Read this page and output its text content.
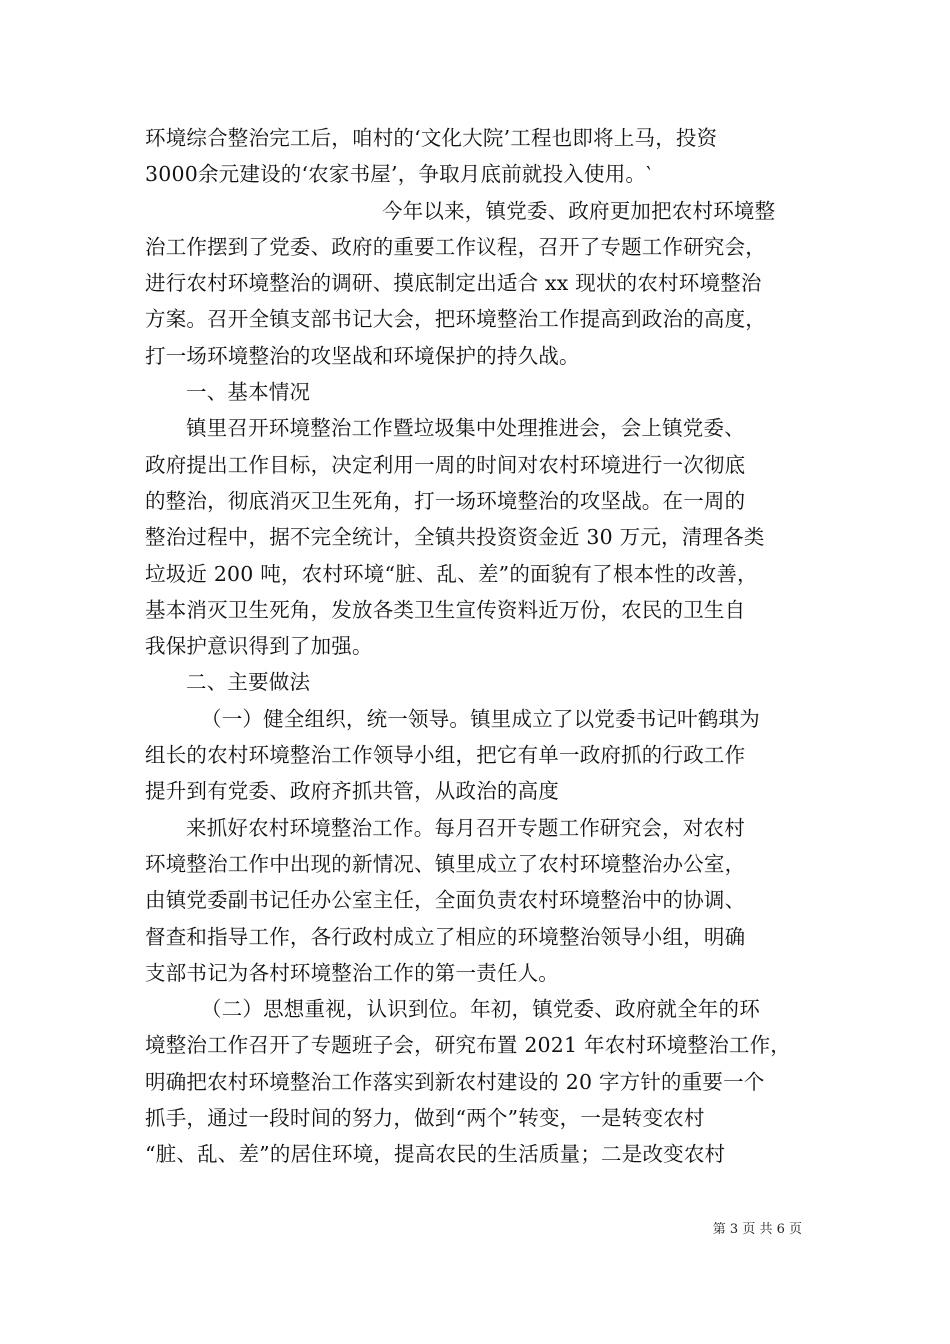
环境综合整治完工后，咱村的‘文化大院’工程也即将上马，投资
3000余元建设的‘农家书屋’，争取月底前就投入使用。‵
今年以来，镇党委、政府更加把农村环境整
治工作摆到了党委、政府的重要工作议程，召开了专题工作研究会，
进行农村环境整治的调研、摸底制定出适合 xx 现状的农村环境整治
方案。召开全镇支部书记大会，把环境整治工作提高到政治的高度，
打一场环境整治的攻坚战和环境保护的持久战。
一、基本情况
镇里召开环境整治工作暨垃圾集中处理推进会，会上镇党委、
政府提出工作目标，决定利用一周的时间对农村环境进行一次彻底
的整治，彻底消灭卫生死角，打一场环境整治的攻坚战。在一周的
整治过程中，据不完全统计，全镇共投资资金近 30 万元，清理各类
垃圾近 200 吨，农村环境“脏、乱、差”的面貌有了根本性的改善，
基本消灭卫生死角，发放各类卫生宣传资料近万份，农民的卫生自
我保护意识得到了加强。
二、主要做法
（一）健全组织，统一领导。镇里成立了以党委书记叶鹤琪为
组长的农村环境整治工作领导小组，把它有单一政府抓的行政工作
提升到有党委、政府齐抓共管，从政治的高度
来抓好农村环境整治工作。每月召开专题工作研究会，对农村
环境整治工作中出现的新情况、镇里成立了农村环境整治办公室，
由镇党委副书记任办公室主任，全面负责农村环境整治中的协调、
督查和指导工作，各行政村成立了相应的环境整治领导小组，明确
支部书记为各村环境整治工作的第一责任人。
（二）思想重视，认识到位。年初，镇党委、政府就全年的环
境整治工作召开了专题班子会，研究布置 2021 年农村环境整治工作，
明确把农村环境整治工作落实到新农村建设的 20 字方针的重要一个
抓手，通过一段时间的努力，做到“两个”转变，一是转变农村
“脏、乱、差”的居住环境，提高农民的生活质量；二是改变农村
第 3 页 共 6 页
